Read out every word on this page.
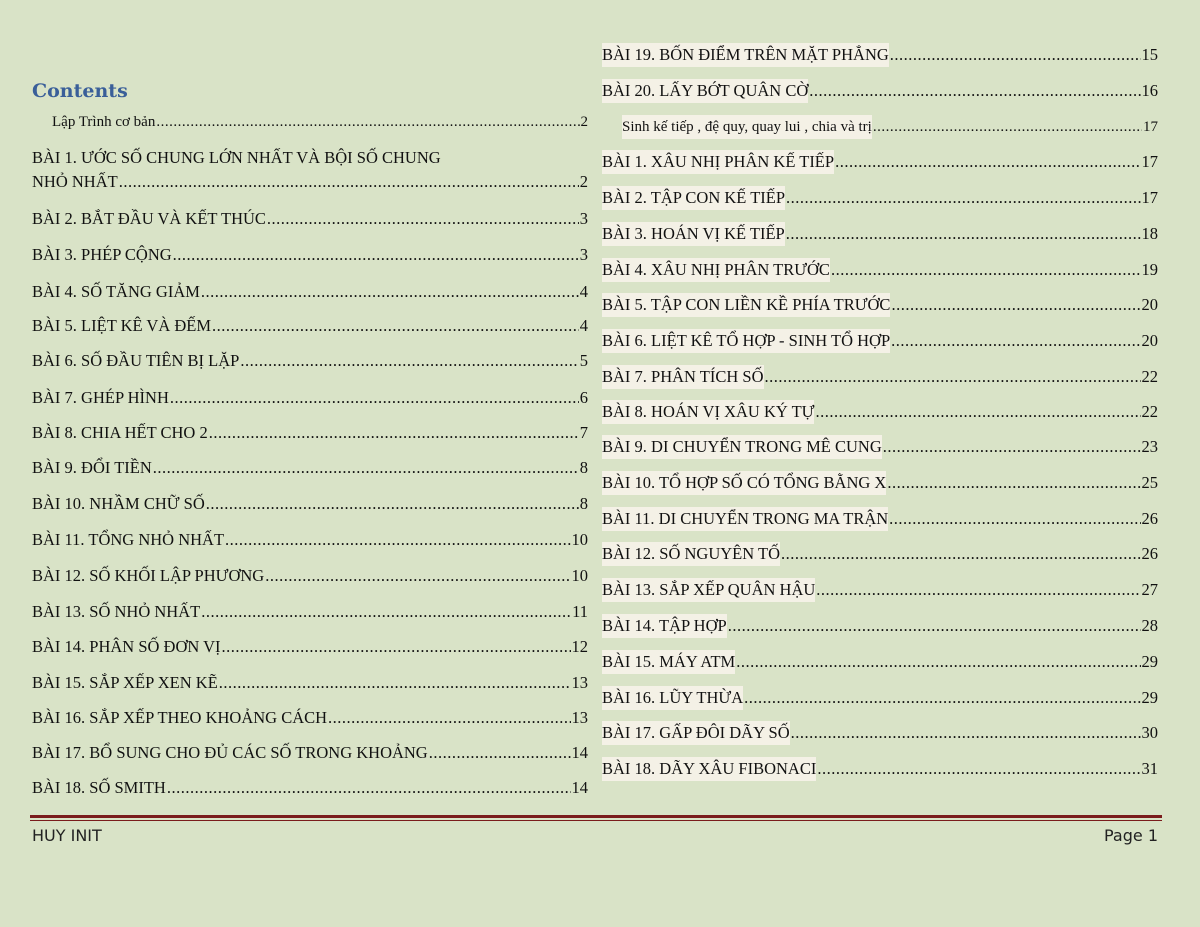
Contents
Lập Trình cơ bản .....	2
BÀI 1. ƯỚC SỐ CHUNG LỚN NHẤT VÀ BỘI SỐ CHUNG
NHỎ NHẤT .....	2
BÀI 2. BẮT ĐẦU VÀ KẾT THÚC .....	3
BÀI 3. PHÉP CỘNG .....	3
BÀI 4. SỐ TĂNG GIẢM .....	4
BÀI 5. LIỆT KÊ VÀ ĐẾM .....	4
BÀI 6. SỐ ĐẦU TIÊN BỊ LẶP .....	5
BÀI 7. GHÉP HÌNH .....	6
BÀI 8. CHIA HẾT CHO 2 .....	7
BÀI 9. ĐỔI TIỀN .....	8
BÀI 10. NHẦM CHỮ SỐ .....	8
BÀI 11. TỔNG NHỎ NHẤT .....	10
BÀI 12. SỐ KHỐI LẬP PHƯƠNG .....	10
BÀI 13. SỐ NHỎ NHẤT .....	11
BÀI 14. PHÂN SỐ ĐƠN VỊ .....	12
BÀI 15. SẮP XẾP XEN KẼ .....	13
BÀI 16. SẮP XẾP THEO KHOẢNG CÁCH .....	13
BÀI 17. BỔ SUNG CHO ĐỦ CÁC SỐ TRONG KHOẢNG .....	14
BÀI 18. SỐ SMITH .....	14
BÀI 19. BỐN ĐIỂM TRÊN MẶT PHẲNG .....	15
BÀI 20. LẤY BỚT QUÂN CỜ .....	16
Sinh kế tiếp , đệ quy, quay lui , chia và trị .....	17
BÀI 1. XÂU NHỊ PHÂN KẾ TIẾP .....	17
BÀI 2. TẬP CON KẾ TIẾP .....	17
BÀI 3. HOÁN VỊ KẾ TIẾP .....	18
BÀI 4. XÂU NHỊ PHÂN TRƯỚC .....	19
BÀI 5. TẬP CON LIỀN KỀ PHÍA TRƯỚC .....	20
BÀI 6. LIỆT KÊ TỔ HỢP - SINH TỔ HỢP .....	20
BÀI 7. PHÂN TÍCH SỐ .....	22
BÀI 8. HOÁN VỊ XÂU KÝ TỰ .....	22
BÀI 9. DI CHUYỂN TRONG MÊ CUNG .....	23
BÀI 10. TỔ HỢP SỐ CÓ TỔNG BẰNG X .....	25
BÀI 11. DI CHUYỂN TRONG MA TRẬN .....	26
BÀI 12. SỐ NGUYÊN TỐ .....	26
BÀI 13. SẮP XẾP QUÂN HẬU .....	27
BÀI 14. TẬP HỢP .....	28
BÀI 15. MÁY ATM .....	29
BÀI 16. LŨY THỪA .....	29
BÀI 17. GẤP ĐÔI DÃY SỐ .....	30
BÀI 18. DÃY XÂU FIBONACI .....	31
HUY INIT	Page 1
